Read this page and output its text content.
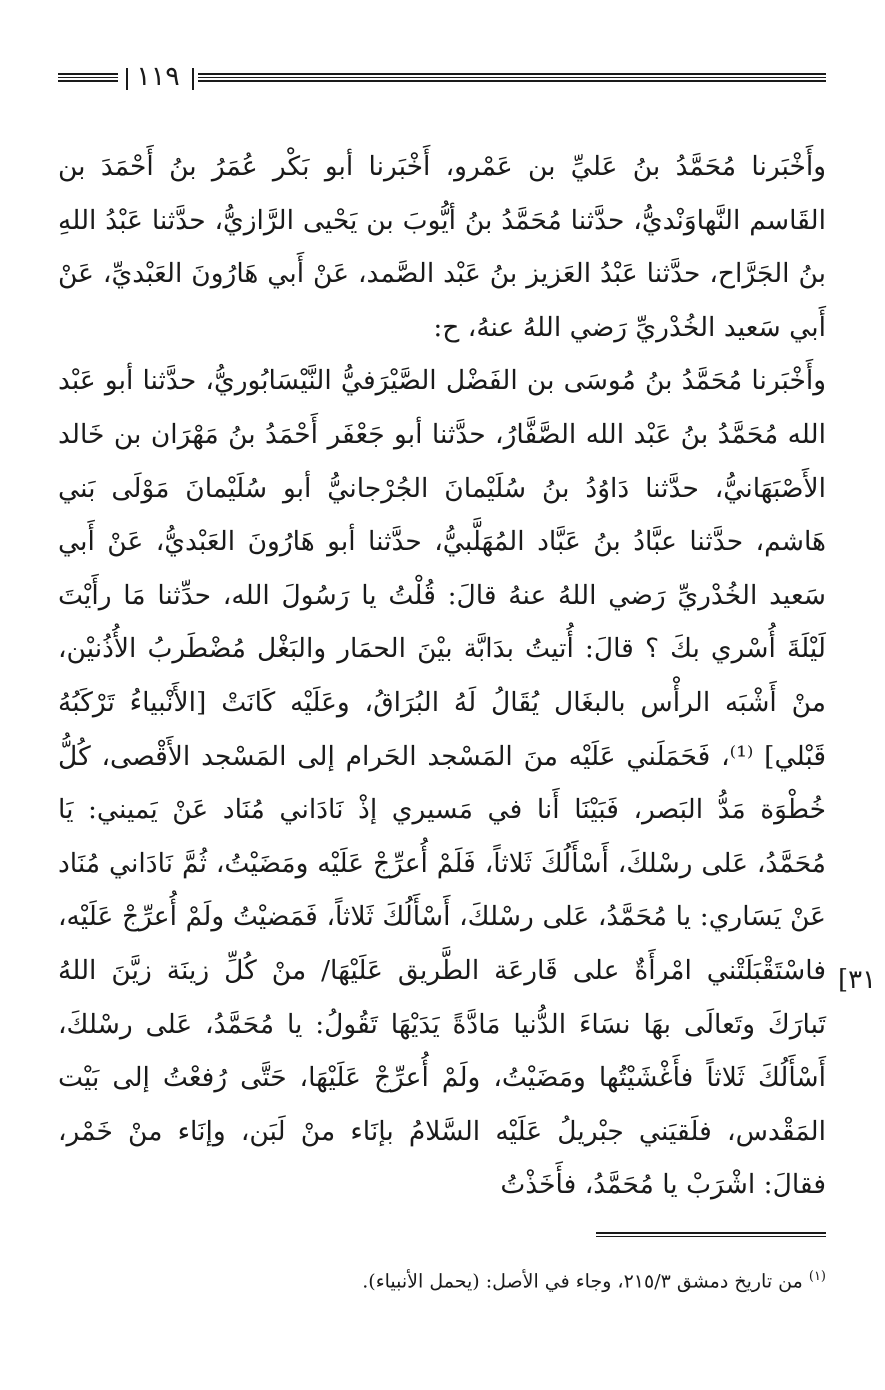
١١٩

وأَخْبَرنا مُحَمَّدُ بنُ عَليِّ بن عَمْرو، أَخْبَرنا أبو بَكْر عُمَرُ بنُ أَحْمَدَ بن القَاسم النَّهاوَنْديُّ، حدَّثنا مُحَمَّدُ بنُ أيُّوبَ بن يَحْيى الرَّازيُّ، حدَّثنا عَبْدُ اللهِ بنُ الجَرَّاح، حدَّثنا عَبْدُ العَزيز بنُ عَبْد الصَّمد، عَنْ أَبي هَارُونَ العَبْديِّ، عَنْ أَبي سَعيد الخُدْريِّ رَضي اللهُ عنهُ، ح:

وأَخْبَرنا مُحَمَّدُ بنُ مُوسَى بن الفَضْل الصَّيْرَفيُّ النَّيْسَابُوريُّ، حدَّثنا أبو عَبْد الله مُحَمَّدُ بنُ عَبْد الله الصَّفَّارُ، حدَّثنا أبو جَعْفَر أَحْمَدُ بنُ مَهْرَان بن خَالد الأَصْبَهَانيُّ، حدَّثنا دَاوُدُ بنُ سُلَيْمانَ الجُرْجانيُّ أبو سُلَيْمانَ مَوْلَى بَني هَاشم، حدَّثنا عبَّادُ بنُ عَبَّاد المُهَلَّبيُّ، حدَّثنا أبو هَارُونَ العَبْديُّ، عَنْ أَبي سَعيد الخُدْريِّ رَضي اللهُ عنهُ قالَ: قُلْتُ يا رَسُولَ الله، حدِّثنا مَا رأَيْتَ لَيْلَةَ أُسْري بكَ ؟ قالَ: أُتيتُ بدَابَّة بيْنَ الحمَار والبَغْل مُضْطَربُ الأُذُنيْن، منْ أَشْبَه الرأْس بالبغَال يُقَالُ لَهُ البُرَاقُ، وعَلَيْه كَانَتْ [الأَنْبياءُ تَرْكَبُهُ قَبْلي] ⁽¹⁾، فَحَمَلَني عَلَيْه منَ المَسْجد الحَرام إلى المَسْجد الأَقْصى، كُلُّ خُطْوَة مَدُّ البَصر، فَبَيْنَا أَنا في مَسيري إذْ نَادَاني مُنَاد عَنْ يَميني: يَا مُحَمَّدُ، عَلى رسْلكَ، أَسْأَلُكَ ثَلاثاً، فَلَمْ أُعرِّجْ عَلَيْه ومَضَيْتُ، ثُمَّ نَادَاني مُنَاد عَنْ يَسَاري: يا مُحَمَّدُ، عَلى رسْلكَ، أَسْأَلُكَ ثَلاثاً، فَمَضيْتُ ولَمْ أُعرِّجْ عَلَيْه، فاسْتَقْبَلَتْني امْرأَةٌ على قَارعَة الطَّريق عَلَيْهَا/ منْ كُلِّ زينَة زيَّنَ اللهُ تَبارَكَ وتَعالَى بهَا نسَاءَ الدُّنيا مَادَّةً يَدَيْهَا تَقُولُ: يا مُحَمَّدُ، عَلى رسْلكَ، أَسْأَلُكَ ثَلاثاً فأَغْشَيْتُها ومَضَيْتُ، ولَمْ أُعرِّجْ عَلَيْهَا، حَتَّى رُفعْتُ إلى بَيْت المَقْدس، فلَقيَني جبْريلُ عَلَيْه السَّلامُ بإنَاء منْ لَبَن، وإنَاء منْ خَمْر، فقالَ: اشْرَبْ يا مُحَمَّدُ، فأَخَذْتُ

[٣١
$^{(١)}$ من تاريخ دمشق ٢١٥/٣، وجاء في الأصل: (يحمل الأنبياء).
